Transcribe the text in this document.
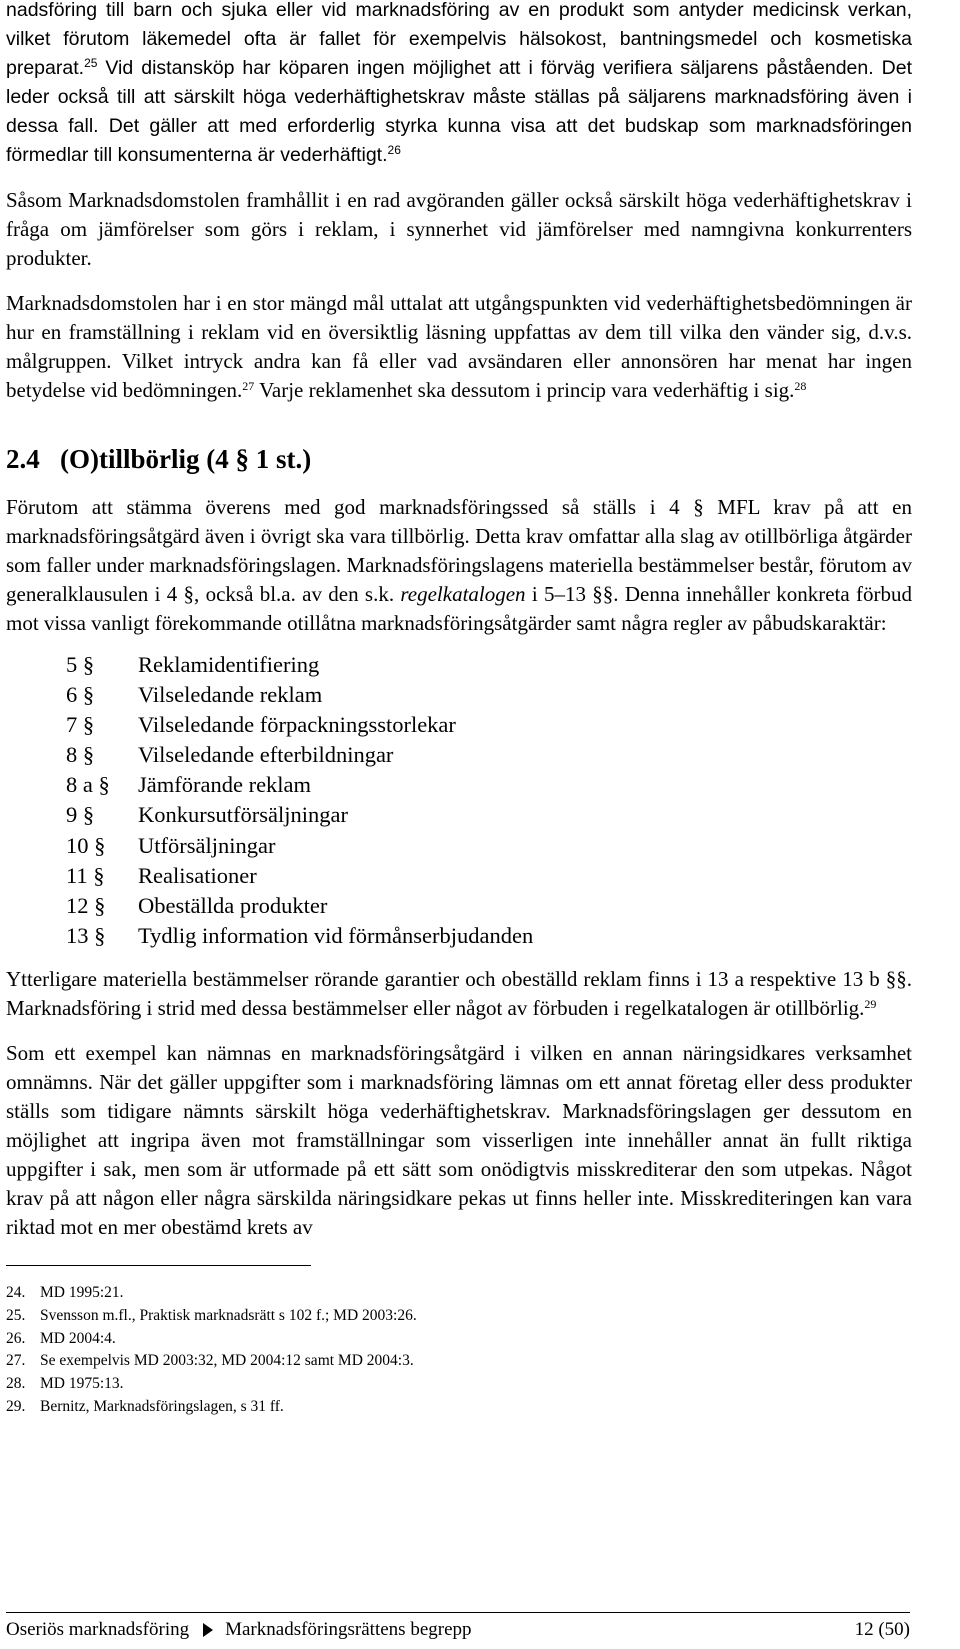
nadsföring till barn och sjuka eller vid marknadsföring av en produkt som antyder medicinsk verkan, vilket förutom läkemedel ofta är fallet för exempelvis hälsokost, bantningsmedel och kosmetiska preparat.$^{25}$ Vid distansköp har köparen ingen möjlighet att i förväg verifiera säljarens påståenden. Det leder också till att särskilt höga vederhäftighetskrav måste ställas på säljarens marknadsföring även i dessa fall. Det gäller att med erforderlig styrka kunna visa att det budskap som marknadsföringen förmedlar till konsumenterna är vederhäftigt.$^{26}$

Såsom Marknadsdomstolen framhållit i en rad avgöranden gäller också särskilt höga vederhäftighetskrav i fråga om jämförelser som görs i reklam, i synnerhet vid jämförelser med namngivna konkurrenters produkter.

Marknadsdomstolen har i en stor mängd mål uttalat att utgångspunkten vid vederhäftighetsbedömningen är hur en framställning i reklam vid en översiktlig läsning uppfattas av dem till vilka den vänder sig, d.v.s. målgruppen. Vilket intryck andra kan få eller vad avsändaren eller annonsören har menat har ingen betydelse vid bedömningen.$^{27}$ Varje reklamenhet ska dessutom i princip vara vederhäftig i sig.$^{28}$

2.4   (O)tillbörlig (4 § 1 st.)

Förutom att stämma överens med god marknadsföringssed så ställs i 4 § MFL krav på att en marknadsföringsåtgärd även i övrigt ska vara tillbörlig. Detta krav omfattar alla slag av otillbörliga åtgärder som faller under marknadsföringslagen. Marknadsföringslagens materiella bestämmelser består, förutom av generalklausulen i 4 §, också bl.a. av den s.k. regelkatalogen i 5–13 §§. Denna innehåller konkreta förbud mot vissa vanligt förekommande otillåtna marknadsföringsåtgärder samt några regler av påbudskaraktär:

5 §	Reklamidentifiering
6 §	Vilseledande reklam
7 §	Vilseledande förpackningsstorlekar
8 §	Vilseledande efterbildningar
8 a §	Jämförande reklam
9 §	Konkursutförsäljningar
10 §	Utförsäljningar
11 §	Realisationer
12 §	Obeställda produkter
13 §	Tydlig information vid förmånserbjudanden

Ytterligare materiella bestämmelser rörande garantier och obeställd reklam finns i 13 a respektive 13 b §§. Marknadsföring i strid med dessa bestämmelser eller något av förbuden i regelkatalogen är otillbörlig.$^{29}$

Som ett exempel kan nämnas en marknadsföringsåtgärd i vilken en annan näringsidkares verksamhet omnämns. När det gäller uppgifter som i marknadsföring lämnas om ett annat företag eller dess produkter ställs som tidigare nämnts särskilt höga vederhäftighetskrav. Marknadsföringslagen ger dessutom en möjlighet att ingripa även mot framställningar som visserligen inte innehåller annat än fullt riktiga uppgifter i sak, men som är utformade på ett sätt som onödigtvis misskrediterar den som utpekas. Något krav på att någon eller några särskilda näringsidkare pekas ut finns heller inte. Misskrediteringen kan vara riktad mot en mer obestämd krets av

24. MD 1995:21.
25. Svensson m.fl., Praktisk marknadsrätt s 102 f.; MD 2003:26.
26. MD 2004:4.
27. Se exempelvis MD 2003:32, MD 2004:12 samt MD 2004:3.
28. MD 1975:13.
29. Bernitz, Marknadsföringslagen, s 31 ff.
Oseriös marknadsföring Marknadsföringsrättens begrepp	12 (50)
